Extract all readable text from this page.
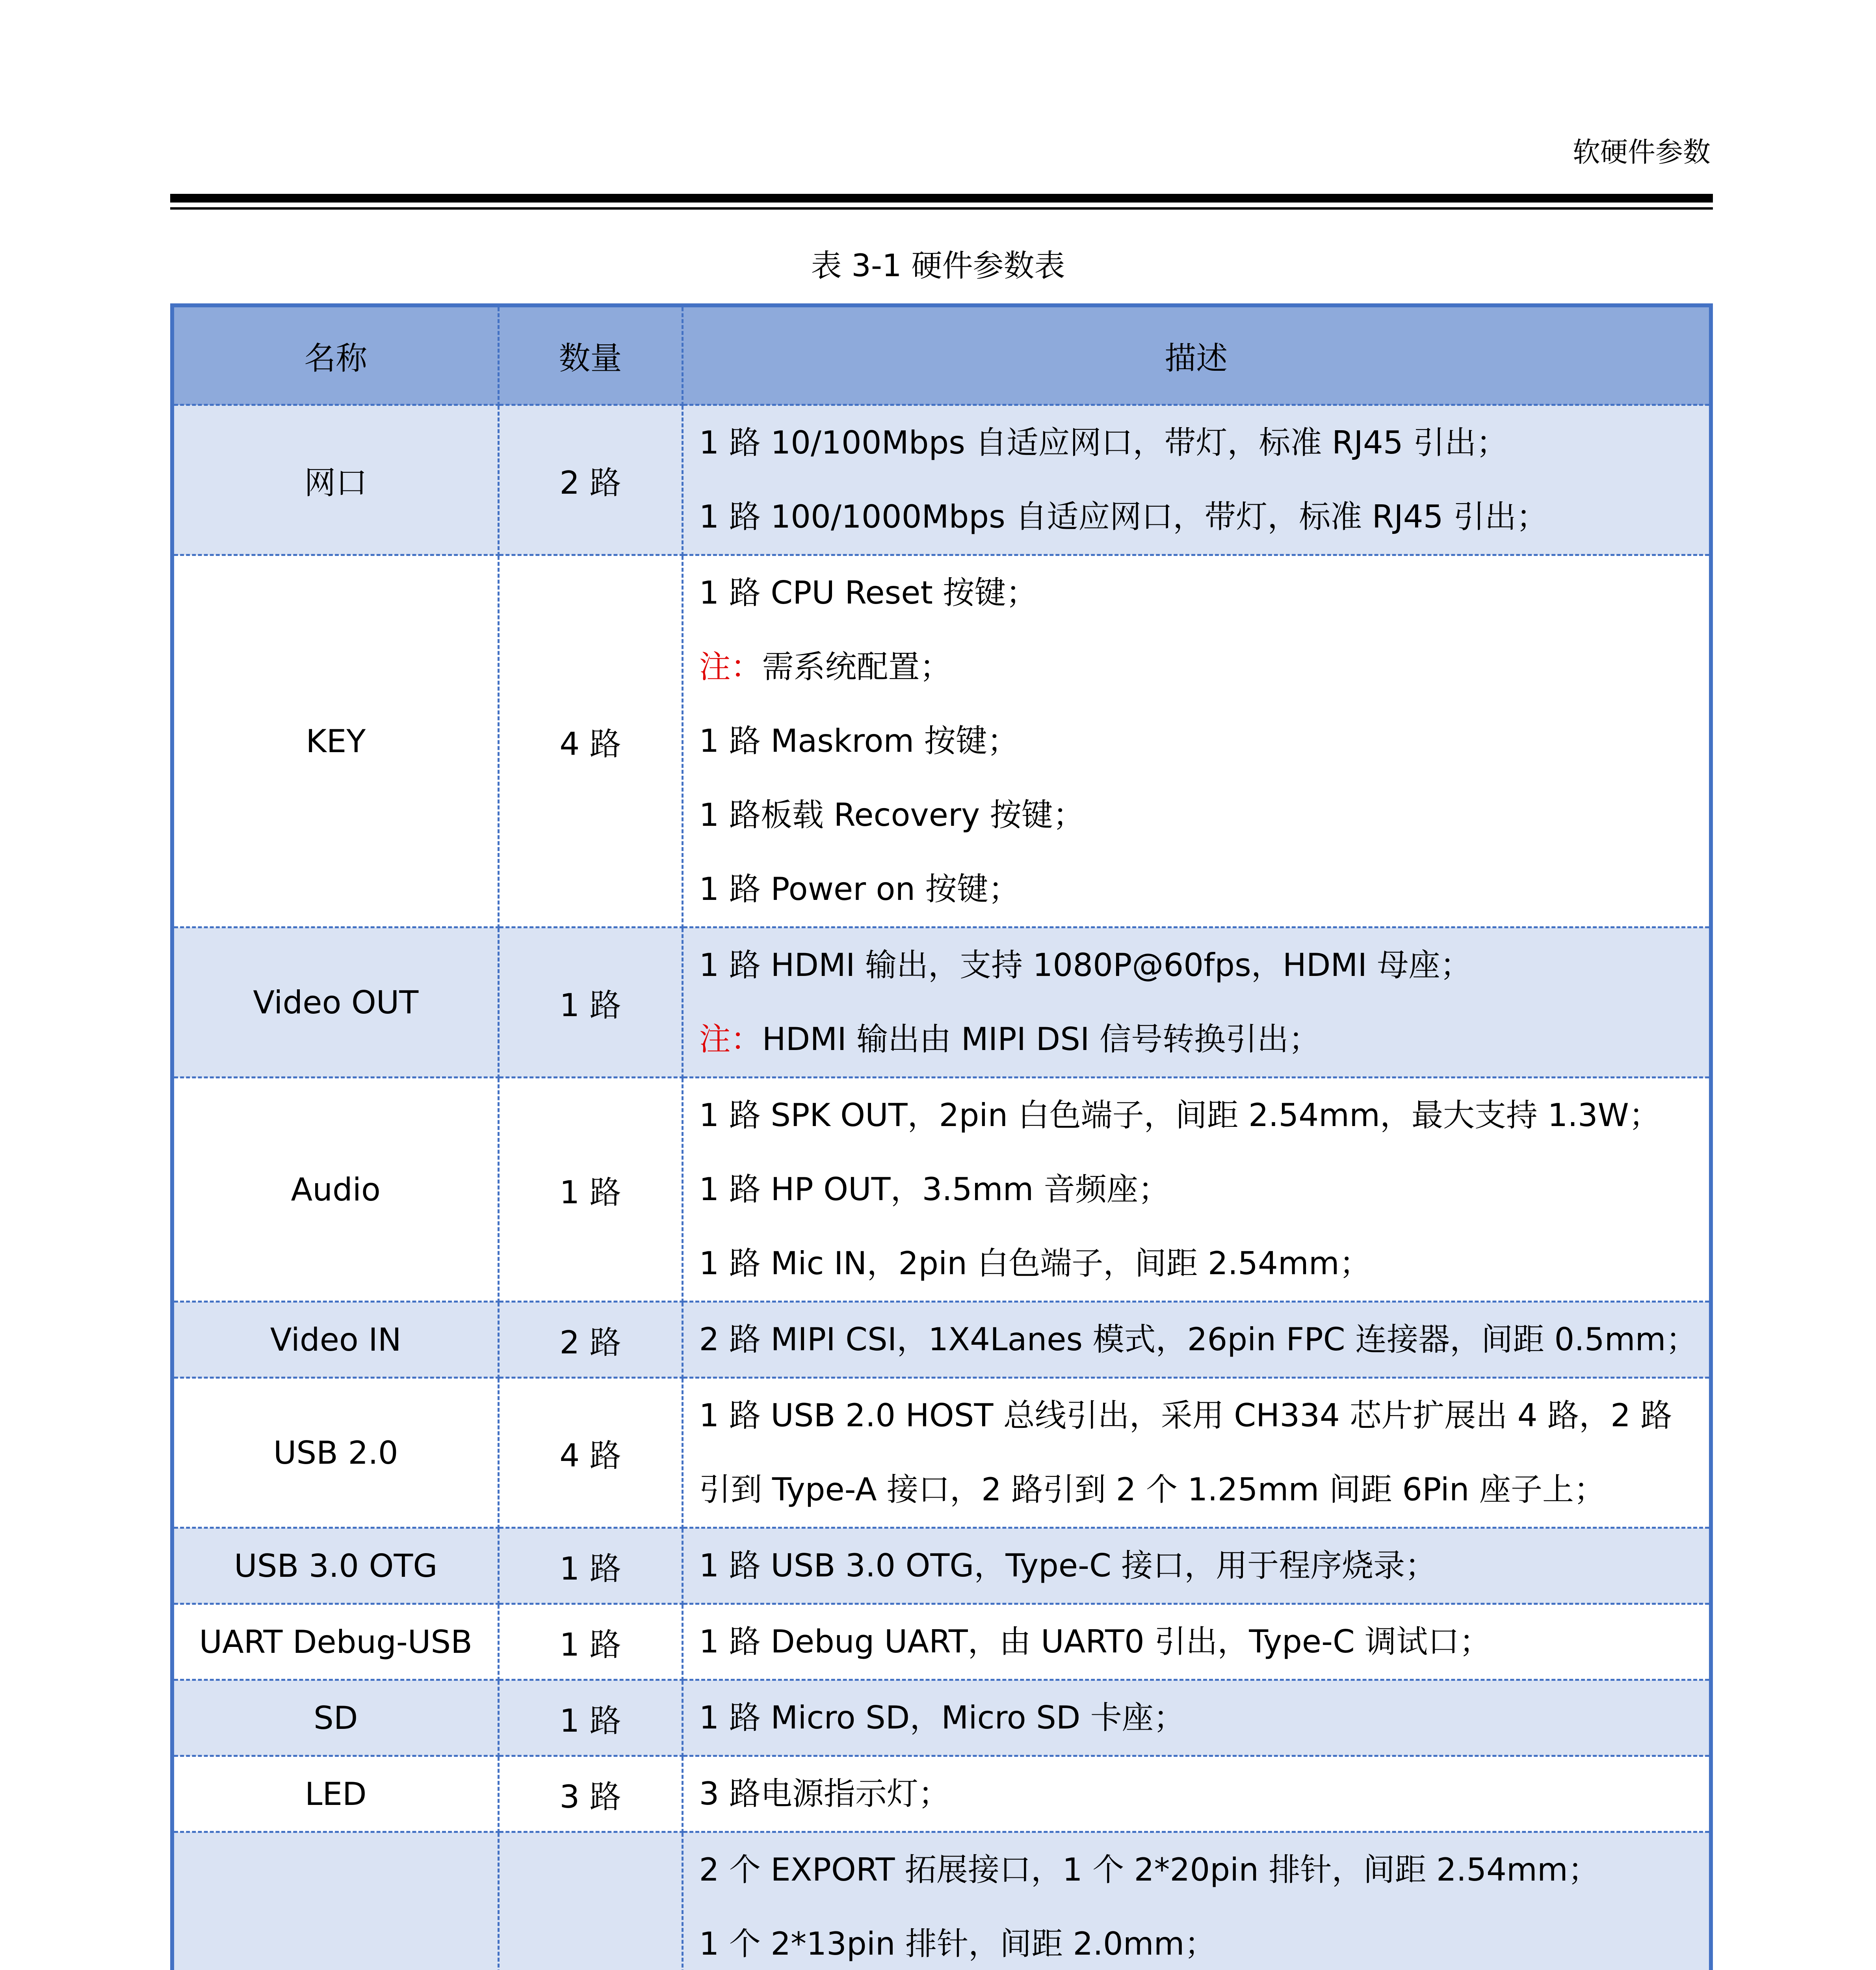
软硬件参数
表 3-1 硬件参数表
名称	数量	描述
网口	2 路	1 路 10/100Mbps 自适应网口，带灯，标准 RJ45 引出；
1 路 100/1000Mbps 自适应网口，带灯，标准 RJ45 引出；

KEY	4 路	1 路 CPU Reset 按键；
注：需系统配置；
1 路 Maskrom 按键；
1 路板载 Recovery 按键；
1 路 Power on 按键；

Video OUT	1 路	1 路 HDMI 输出，支持 1080P@60fps，HDMI 母座；
注：HDMI 输出由 MIPI DSI 信号转换引出；

Audio	1 路	1 路 SPK OUT，2pin 白色端子，间距 2.54mm，最大支持 1.3W；
1 路 HP OUT，3.5mm 音频座；
1 路 Mic IN，2pin 白色端子，间距 2.54mm；

Video IN	2 路	2 路 MIPI CSI，1X4Lanes 模式，26pin FPC 连接器，间距 0.5mm；

USB 2.0	4 路	1 路 USB 2.0 HOST 总线引出，采用 CH334 芯片扩展出 4 路，2 路
引到 Type-A 接口，2 路引到 2 个 1.25mm 间距 6Pin 座子上；

USB 3.0 OTG	1 路	1 路 USB 3.0 OTG，Type-C 接口，用于程序烧录；

UART Debug-USB	1 路	1 路 Debug UART，由 UART0 引出，Type-C 调试口；

SD	1 路	1 路 Micro SD，Micro SD 卡座；

LED	3 路	3 路电源指示灯；

2 个 EXPORT 拓展接口，1 个 2*20pin 排针，间距 2.54mm；
1 个 2*13pin 排针，间距 2.0mm；
